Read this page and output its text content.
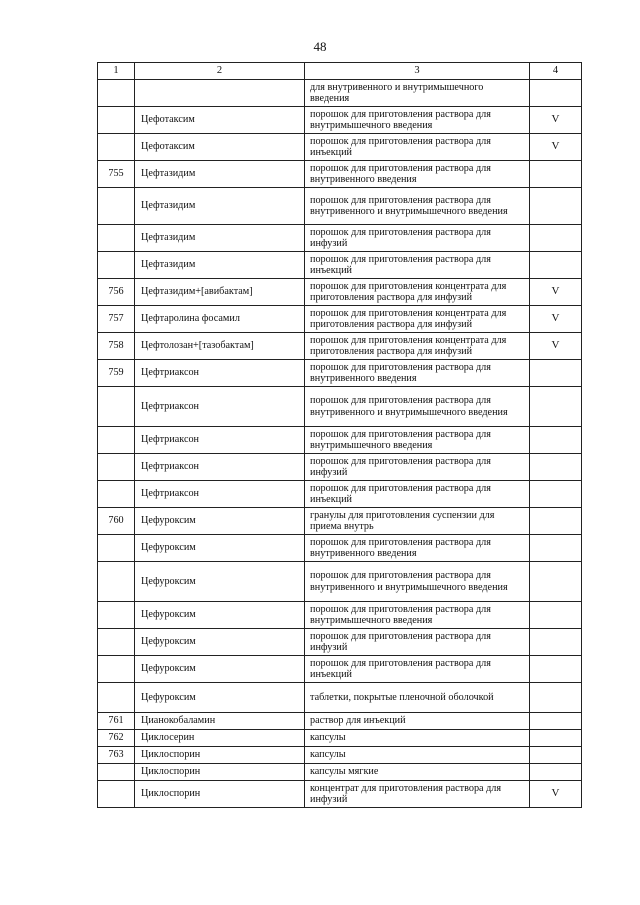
48
1	2	3	4
		для внутривенного и внутримышечного введения	
	Цефотаксим	порошок для приготовления раствора для внутримышечного введения	V
	Цефотаксим	порошок для приготовления раствора для инъекций	V
755	Цефтазидим	порошок для приготовления раствора для внутривенного введения	
	Цефтазидим	порошок для приготовления раствора для внутривенного и внутримышечного введения	
	Цефтазидим	порошок для приготовления раствора для инфузий	
	Цефтазидим	порошок для приготовления раствора для инъекций	
756	Цефтазидим+[авибактам]	порошок для приготовления концентрата для приготовления раствора для инфузий	V
757	Цефтаролина фосамил	порошок для приготовления концентрата для приготовления раствора для инфузий	V
758	Цефтолозан+[тазобактам]	порошок для приготовления концентрата для приготовления раствора для инфузий	V
759	Цефтриаксон	порошок для приготовления раствора для внутривенного введения	
	Цефтриаксон	порошок для приготовления раствора для внутривенного и внутримышечного введения	
	Цефтриаксон	порошок для приготовления раствора для внутримышечного введения	
	Цефтриаксон	порошок для приготовления раствора для инфузий	
	Цефтриаксон	порошок для приготовления раствора для инъекций	
760	Цефуроксим	гранулы для приготовления суспензии для приема внутрь	
	Цефуроксим	порошок для приготовления раствора для внутривенного введения	
	Цефуроксим	порошок для приготовления раствора для внутривенного и внутримышечного введения	
	Цефуроксим	порошок для приготовления раствора для внутримышечного введения	
	Цефуроксим	порошок для приготовления раствора для инфузий	
	Цефуроксим	порошок для приготовления раствора для инъекций	
	Цефуроксим	таблетки, покрытые пленочной оболочкой	
761	Цианокобаламин	раствор для инъекций	
762	Циклосерин	капсулы	
763	Циклоспорин	капсулы	
	Циклоспорин	капсулы мягкие	
	Циклоспорин	концентрат для приготовления раствора для инфузий	V
